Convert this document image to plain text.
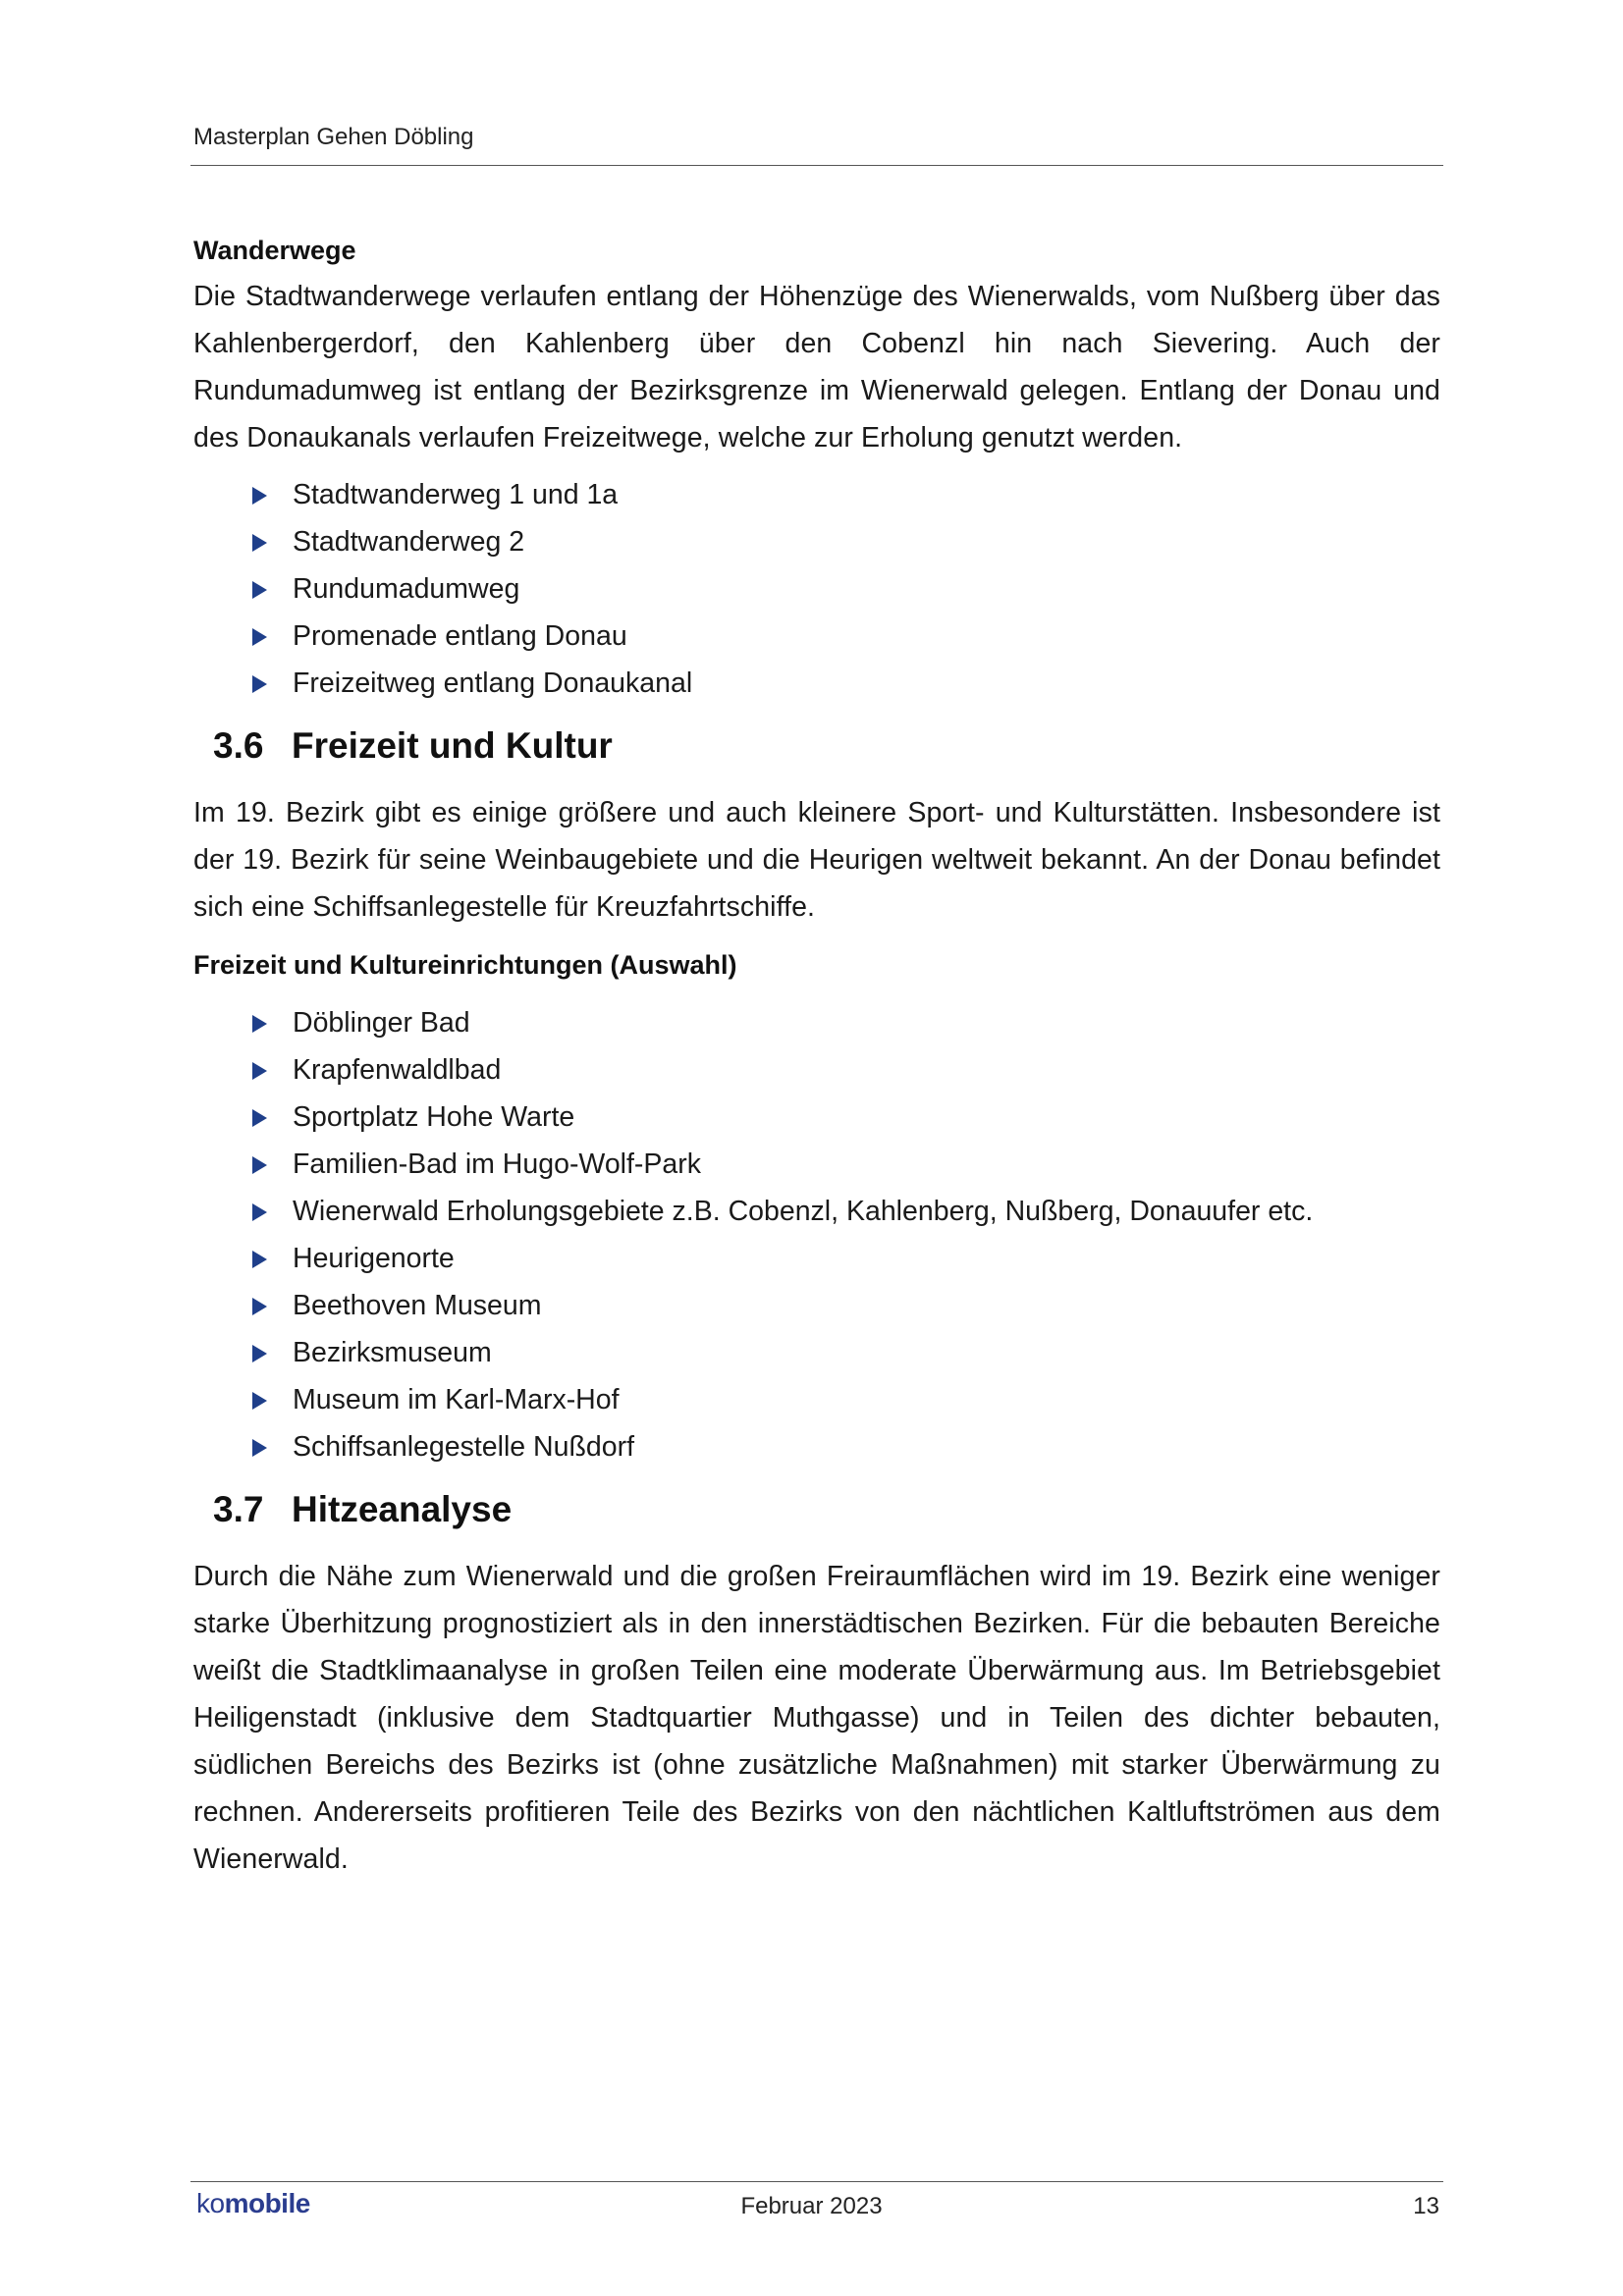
Masterplan Gehen Döbling
Wanderwege

Die Stadtwanderwege verlaufen entlang der Höhenzüge des Wienerwalds, vom Nußberg über das Kahlenbergerdorf, den Kahlenberg über den Cobenzl hin nach Sievering. Auch der Rundumadumweg ist entlang der Bezirksgrenze im Wienerwald gelegen. Entlang der Donau und des Donaukanals verlaufen Freizeitwege, welche zur Erholung genutzt werden.

Stadtwanderweg 1 und 1a
Stadtwanderweg 2
Rundumadumweg
Promenade entlang Donau
Freizeitweg entlang Donaukanal
3.6 Freizeit und Kultur

Im 19. Bezirk gibt es einige größere und auch kleinere Sport- und Kulturstätten. Insbesondere ist der 19. Bezirk für seine Weinbaugebiete und die Heurigen weltweit bekannt. An der Donau befindet sich eine Schiffsanlegestelle für Kreuzfahrtschiffe.

Freizeit und Kultureinrichtungen (Auswahl)
Döblinger Bad
Krapfenwaldlbad
Sportplatz Hohe Warte
Familien-Bad im Hugo-Wolf-Park
Wienerwald Erholungsgebiete z.B. Cobenzl, Kahlenberg, Nußberg, Donauufer etc.
Heurigenorte
Beethoven Museum
Bezirksmuseum
Museum im Karl-Marx-Hof
Schiffsanlegestelle Nußdorf
3.7 Hitzeanalyse

Durch die Nähe zum Wienerwald und die großen Freiraumflächen wird im 19. Bezirk eine weniger starke Überhitzung prognostiziert als in den innerstädtischen Bezirken. Für die bebauten Bereiche weißt die Stadtklimaanalyse in großen Teilen eine moderate Überwärmung aus. Im Betriebsgebiet Heiligenstadt (inklusive dem Stadtquartier Muthgasse) und in Teilen des dichter bebauten, südlichen Bereichs des Bezirks ist (ohne zusätzliche Maßnahmen) mit starker Überwärmung zu rechnen. Andererseits profitieren Teile des Bezirks von den nächtlichen Kaltluftströmen aus dem Wienerwald.

komobile	Februar 2023	13
